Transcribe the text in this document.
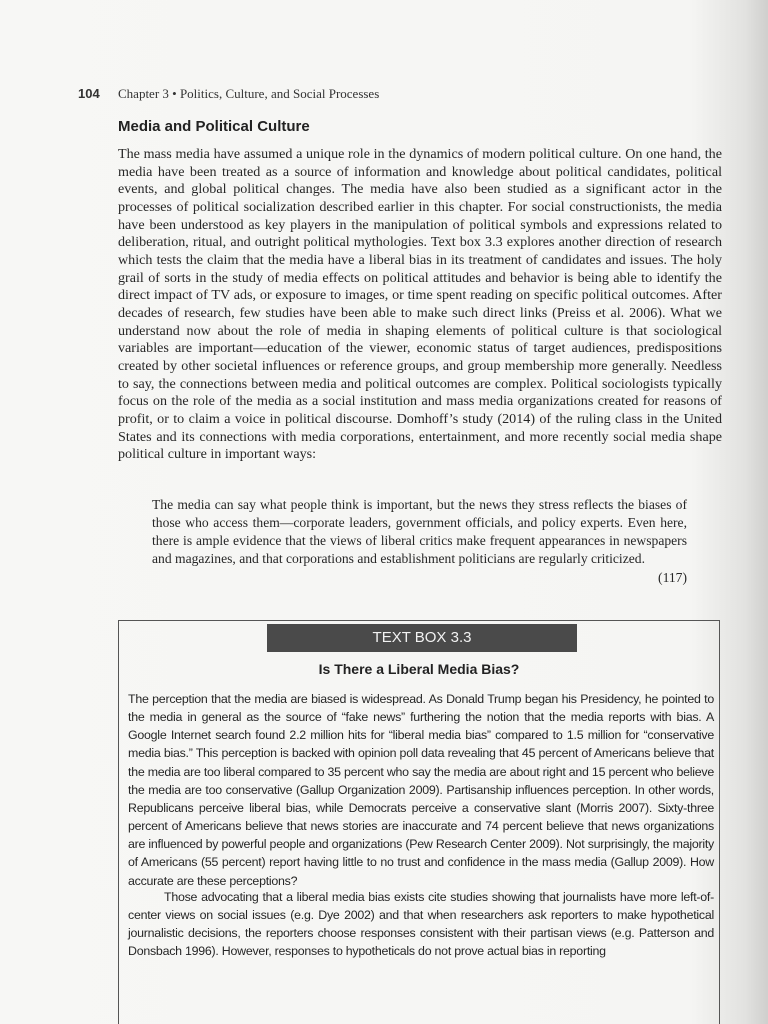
104 Chapter 3 • Politics, Culture, and Social Processes
Media and Political Culture

The mass media have assumed a unique role in the dynamics of modern political culture. On one hand, the media have been treated as a source of information and knowledge about political candidates, political events, and global political changes. The media have also been studied as a significant actor in the processes of political socialization described earlier in this chapter. For social constructionists, the media have been understood as key players in the manipulation of political symbols and expressions related to deliberation, ritual, and outright political mythologies. Text box 3.3 explores another direction of research which tests the claim that the media have a liberal bias in its treatment of candidates and issues. The holy grail of sorts in the study of media effects on political attitudes and behavior is being able to identify the direct impact of TV ads, or exposure to images, or time spent reading on specific political outcomes. After decades of research, few studies have been able to make such direct links (Preiss et al. 2006). What we understand now about the role of media in shaping elements of political culture is that sociological variables are important—education of the viewer, economic status of target audiences, predispositions created by other societal influences or reference groups, and group membership more generally. Needless to say, the connections between media and political outcomes are complex. Political sociologists typically focus on the role of the media as a social institution and mass media organizations created for reasons of profit, or to claim a voice in political discourse. Domhoff’s study (2014) of the ruling class in the United States and its connections with media corporations, entertainment, and more recently social media shape political culture in important ways:

The media can say what people think is important, but the news they stress reflects the biases of those who access them—corporate leaders, government officials, and policy experts. Even here, there is ample evidence that the views of liberal critics make frequent appearances in newspapers and magazines, and that corporations and establishment politicians are regularly criticized.

(117)
TEXT BOX 3.3
Is There a Liberal Media Bias?

The perception that the media are biased is widespread. As Donald Trump began his Presidency, he pointed to the media in general as the source of “fake news” furthering the notion that the media reports with bias. A Google Internet search found 2.2 million hits for “liberal media bias” compared to 1.5 million for “conservative media bias.” This perception is backed with opinion poll data revealing that 45 percent of Americans believe that the media are too liberal compared to 35 percent who say the media are about right and 15 percent who believe the media are too conservative (Gallup Organization 2009). Partisanship influences perception. In other words, Republicans perceive liberal bias, while Democrats perceive a conservative slant (Morris 2007). Sixty-three percent of Americans believe that news stories are inaccurate and 74 percent believe that news organizations are influenced by powerful people and organizations (Pew Research Center 2009). Not surprisingly, the majority of Americans (55 percent) report having little to no trust and confidence in the mass media (Gallup 2009). How accurate are these perceptions?

Those advocating that a liberal media bias exists cite studies showing that journalists have more left-of-center views on social issues (e.g. Dye 2002) and that when researchers ask reporters to make hypothetical journalistic decisions, the reporters choose responses consistent with their partisan views (e.g. Patterson and Donsbach 1996). However, responses to hypotheticals do not prove actual bias in reporting
